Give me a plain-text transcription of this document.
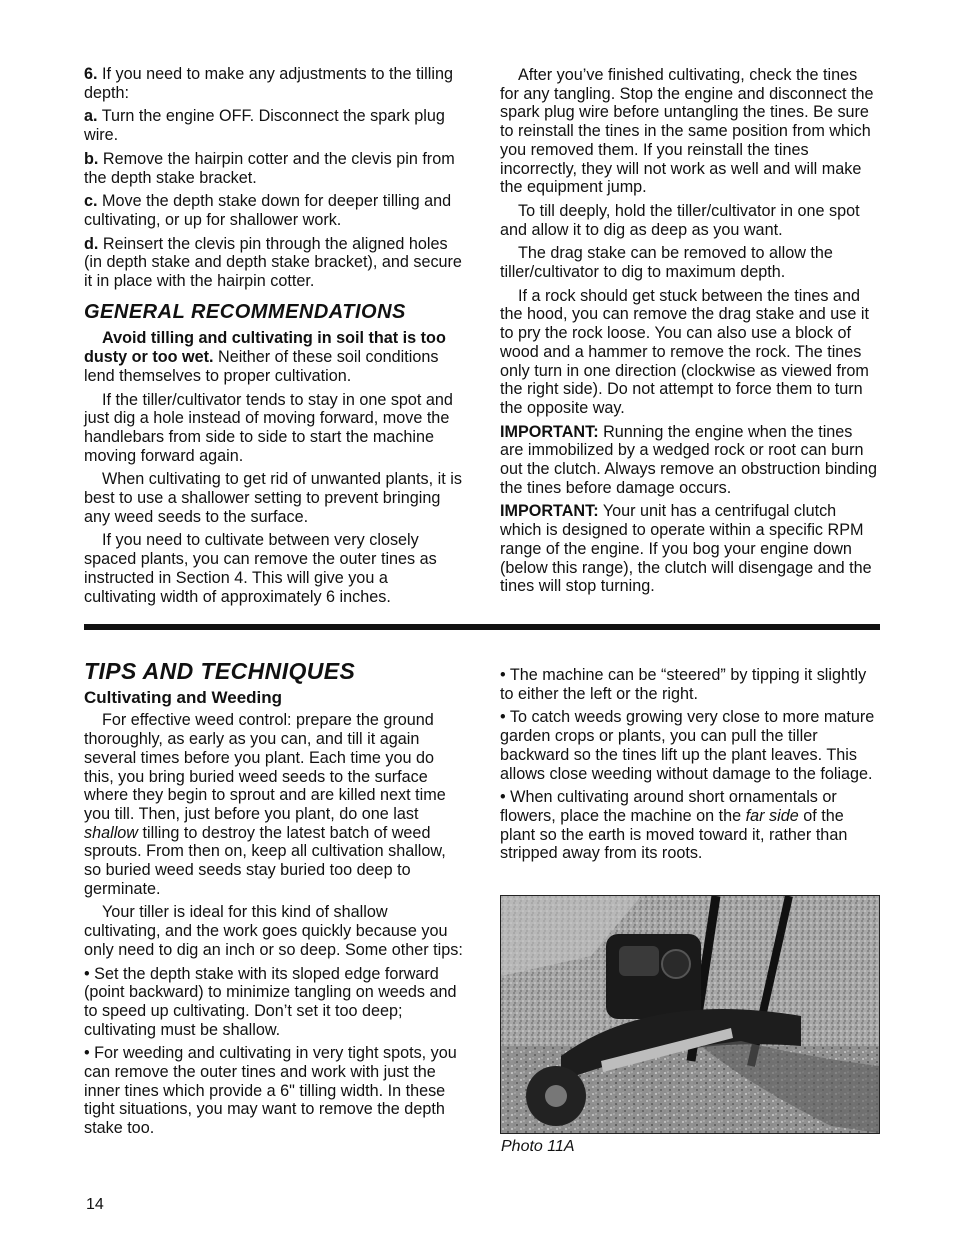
6. If you need to make any adjustments to the tilling depth:

a. Turn the engine OFF. Disconnect the spark plug wire.

b. Remove the hairpin cotter and the clevis pin from the depth stake bracket.

c. Move the depth stake down for deeper tilling and cultivating, or up for shallower work.

d. Reinsert the clevis pin through the aligned holes (in depth stake and depth stake bracket), and secure it in place with the hairpin cotter.

GENERAL RECOMMENDATIONS

Avoid tilling and cultivating in soil that is too dusty or too wet. Neither of these soil conditions lend themselves to proper cultivation.

If the tiller/cultivator tends to stay in one spot and just dig a hole instead of moving forward, move the handlebars from side to side to start the machine moving forward again.

When cultivating to get rid of unwanted plants, it is best to use a shallower setting to prevent bringing any weed seeds to the surface.

If you need to cultivate between very closely spaced plants, you can remove the outer tines as instructed in Section 4. This will give you a cultivating width of approximately 6 inches.

After you’ve finished cultivating, check the tines for any tangling. Stop the engine and disconnect the spark plug wire before untangling the tines. Be sure to reinstall the tines in the same position from which you removed them. If you reinstall the tines incorrectly, they will not work as well and will make the equipment jump.

To till deeply, hold the tiller/cultivator in one spot and allow it to dig as deep as you want.

The drag stake can be removed to allow the tiller/cultivator to dig to maximum depth.

If a rock should get stuck between the tines and the hood, you can remove the drag stake and use it to pry the rock loose. You can also use a block of wood and a hammer to remove the rock. The tines only turn in one direction (clockwise as viewed from the right side). Do not attempt to force them to turn the opposite way.

IMPORTANT: Running the engine when the tines are immobilized by a wedged rock or root can burn out the clutch. Always remove an obstruction binding the tines before damage occurs.

IMPORTANT: Your unit has a centrifugal clutch which is designed to operate within a specific RPM range of the engine. If you bog your engine down (below this range), the clutch will disengage and the tines will stop turning.

TIPS AND TECHNIQUES
Cultivating and Weeding

For effective weed control: prepare the ground thoroughly, as early as you can, and till it again several times before you plant. Each time you do this, you bring buried weed seeds to the surface where they begin to sprout and are killed next time you till. Then, just before you plant, do one last shallow tilling to destroy the latest batch of weed sprouts. From then on, keep all cultivation shallow, so buried weed seeds stay buried too deep to germinate.

Your tiller is ideal for this kind of shallow cultivating, and the work goes quickly because you only need to dig an inch or so deep. Some other tips:

• Set the depth stake with its sloped edge forward (point backward) to minimize tangling on weeds and to speed up cultivating. Don’t set it too deep; cultivating must be shallow.

• For weeding and cultivating in very tight spots, you can remove the outer tines and work with just the inner tines which provide a 6" tilling width. In these tight situations, you may want to remove the depth stake too.

• The machine can be “steered” by tipping it slightly to either the left or the right.

• To catch weeds growing very close to more mature garden crops or plants, you can pull the tiller backward so the tines lift up the plant leaves. This allows close weeding without damage to the foliage.

• When cultivating around short ornamentals or flowers, place the machine on the far side of the plant so the earth is moved toward it, rather than stripped away from its roots.

Photo 11A
14
